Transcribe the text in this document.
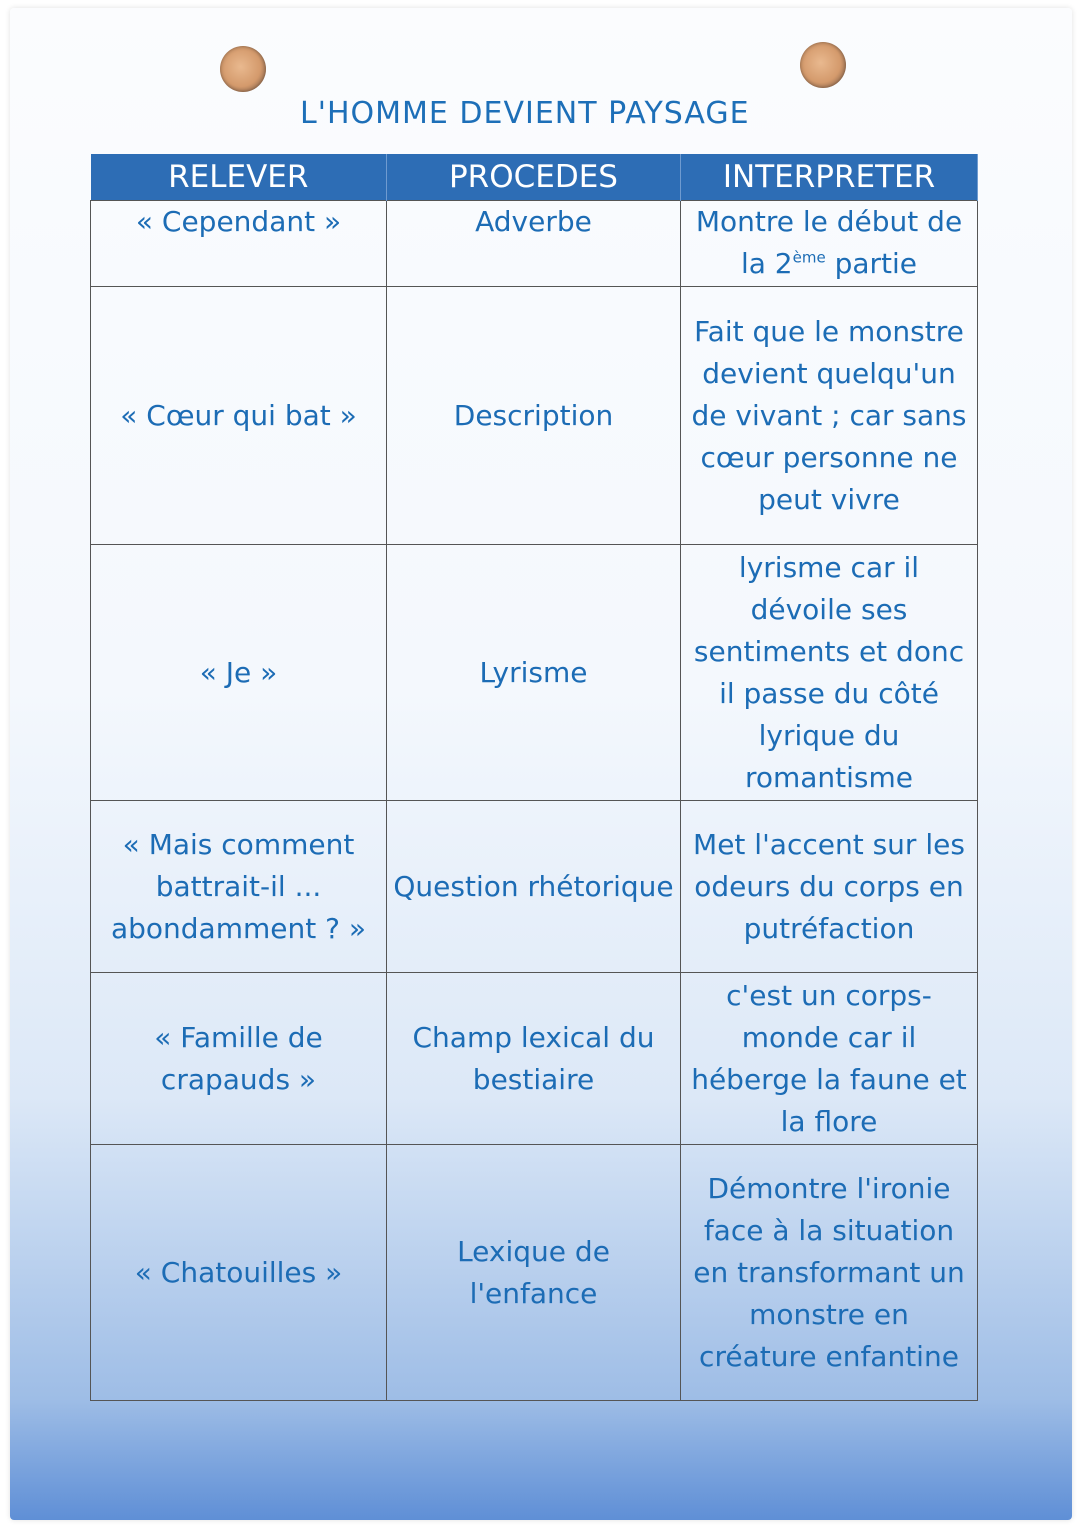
L'HOMME DEVIENT PAYSAGE
RELEVER	PROCEDES	INTERPRETER
« Cependant »	Adverbe	Montre le début de la 2ème partie
« Cœur qui bat »	Description	Fait que le monstre devient quelqu'un de vivant ; car sans cœur personne ne peut vivre
« Je »	Lyrisme	lyrisme car il dévoile ses sentiments et donc il passe du côté lyrique du romantisme
« Mais comment battrait-il ... abondamment ? »	Question rhétorique	Met l'accent sur les odeurs du corps en putréfaction
« Famille de crapauds »	Champ lexical du bestiaire	c'est un corps-monde car il héberge la faune et la flore
« Chatouilles »	Lexique de l'enfance	Démontre l'ironie face à la situation en transformant un monstre en créature enfantine
